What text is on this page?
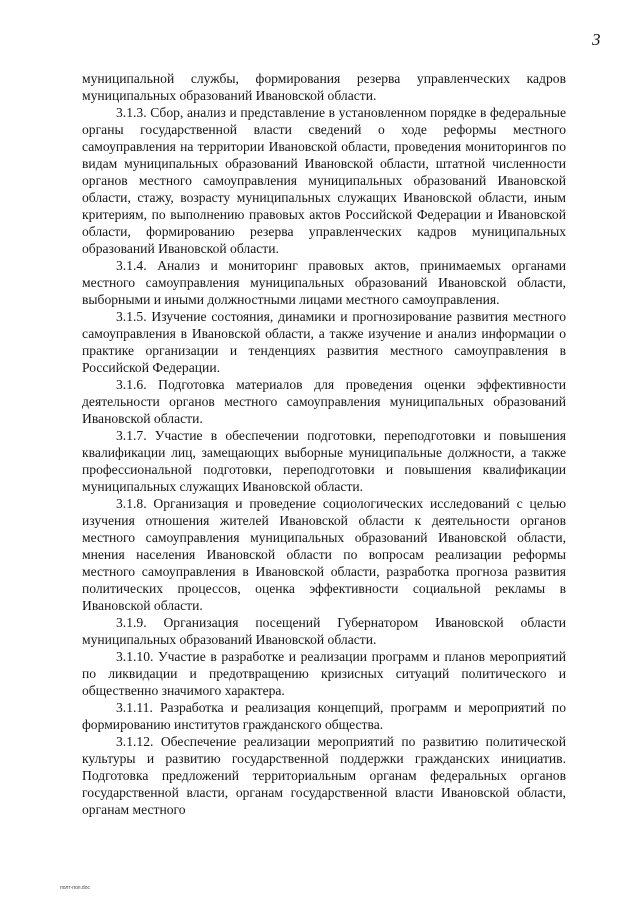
3

муниципальной службы, формирования резерва управленческих кадров муниципальных образований Ивановской области.

3.1.3. Сбор, анализ и представление в установленном порядке в федеральные органы государственной власти сведений о ходе реформы местного самоуправления на территории Ивановской области, проведения мониторингов по видам муниципальных образований Ивановской области, штатной численности органов местного самоуправления муниципальных образований Ивановской области, стажу, возрасту муниципальных служащих Ивановской области, иным критериям, по выполнению правовых актов Российской Федерации и Ивановской области, формированию резерва управленческих кадров муниципальных образований Ивановской области.

3.1.4. Анализ и мониторинг правовых актов, принимаемых органами местного самоуправления муниципальных образований Ивановской области, выборными и иными должностными лицами местного самоуправления.

3.1.5. Изучение состояния, динамики и прогнозирование развития местного самоуправления в Ивановской области, а также изучение и анализ информации о практике организации и тенденциях развития местного самоуправления в Российской Федерации.

3.1.6. Подготовка материалов для проведения оценки эффективности деятельности органов местного самоуправления муниципальных образований Ивановской области.

3.1.7. Участие в обеспечении подготовки, переподготовки и повышения квалификации лиц, замещающих выборные муниципальные должности, а также профессиональной подготовки, переподготовки и повышения квалификации муниципальных служащих Ивановской области.

3.1.8. Организация и проведение социологических исследований с целью изучения отношения жителей Ивановской области к деятельности органов местного самоуправления муниципальных образований Ивановской области, мнения населения Ивановской области по вопросам реализации реформы местного самоуправления в Ивановской области, разработка прогноза развития политических процессов, оценка эффективности социальной рекламы в Ивановской области.

3.1.9. Организация посещений Губернатором Ивановской области муниципальных образований Ивановской области.

3.1.10. Участие в разработке и реализации программ и планов мероприятий по ликвидации и предотвращению кризисных ситуаций политического и общественно значимого характера.

3.1.11. Разработка и реализация концепций, программ и мероприятий по формированию институтов гражданского общества.

3.1.12. Обеспечение реализации мероприятий по развитию политической культуры и развитию государственной поддержки гражданских инициатив. Подготовка предложений территориальным органам федеральных органов государственной власти, органам государственной власти Ивановской области, органам местного

полт-пол.doc
